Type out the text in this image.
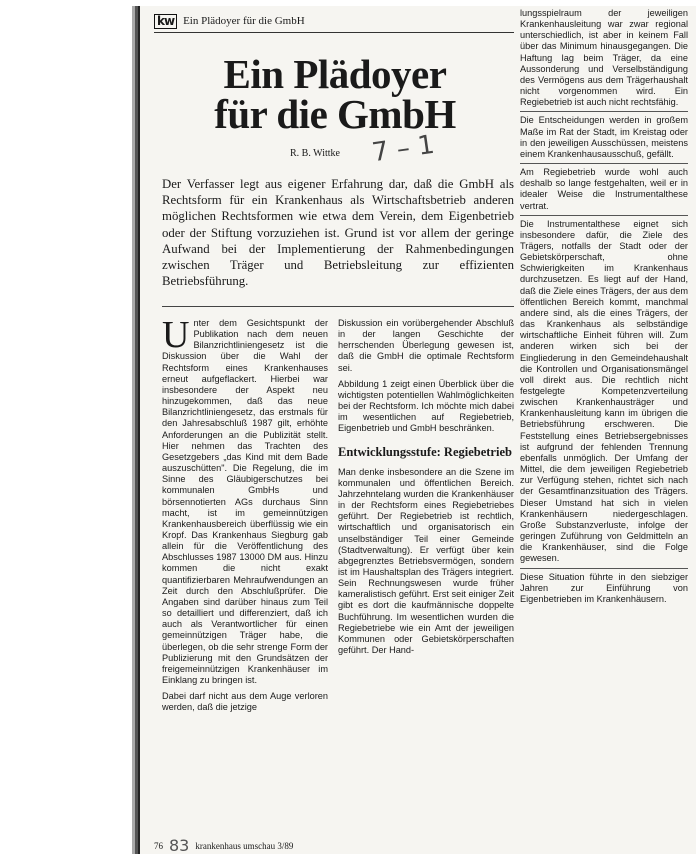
kw Ein Plädoyer für die GmbH
Ein Plädoyer
für die GmbH
R. B. Wittke 7 – 1
Der Verfasser legt aus eigener Erfahrung dar, daß die GmbH als Rechtsform für ein Krankenhaus als Wirtschaftsbetrieb anderen möglichen Rechtsformen wie etwa dem Verein, dem Eigenbetrieb oder der Stiftung vorzuziehen ist. Grund ist vor allem der geringe Aufwand bei der Implementierung der Rahmenbedingungen zwischen Träger und Betriebsleitung zur effizienten Betriebsführung.

Unter dem Gesichtspunkt der Publikation nach dem neuen Bilanzrichtliniengesetz ist die Diskussion über die Wahl der Rechtsform eines Krankenhauses erneut aufgeflackert. Hierbei war insbesondere der Aspekt neu hinzugekommen, daß das neue Bilanzrichtliniengesetz, das erstmals für den Jahresabschluß 1987 gilt, erhöhte Anforderungen an die Publizität stellt. Hier nehmen das Trachten des Gesetzgebers „das Kind mit dem Bade auszuschütten". Die Regelung, die im Sinne des Gläubigerschutzes bei kommunalen GmbHs und börsennotierten AGs durchaus Sinn macht, ist im gemeinnützigen Krankenhausbereich überflüssig wie ein Kropf. Das Krankenhaus Siegburg gab allein für die Veröffentlichung des Abschlusses 1987 13000 DM aus. Hinzu kommen die nicht exakt quantifizierbaren Mehraufwendungen an Zeit durch den Abschlußprüfer. Die Angaben sind darüber hinaus zum Teil so detailliert und differenziert, daß ich auch als Verantwortlicher für einen gemeinnützigen Träger habe, die überlegen, ob die sehr strenge Form der Publizierung mit den Grundsätzen der freigemeinnützigen Krankenhäuser im Einklang zu bringen ist.

Dabei darf nicht aus dem Auge verloren werden, daß die jetzige

Diskussion ein vorübergehender Abschluß in der langen Geschichte der herrschenden Überlegung gewesen ist, daß die GmbH die optimale Rechtsform sei.

Abbildung 1 zeigt einen Überblick über die wichtigsten potentiellen Wahlmöglichkeiten bei der Rechtsform. Ich möchte mich dabei im wesentlichen auf Regiebetrieb, Eigenbetrieb und GmbH beschränken.

Entwicklungsstufe: Regiebetrieb

Man denke insbesondere an die Szene im kommunalen und öffentlichen Bereich. Jahrzehntelang wurden die Krankenhäuser in der Rechtsform eines Regiebetriebes geführt. Der Regiebetrieb ist rechtlich, wirtschaftlich und organisatorisch ein unselbständiger Teil einer Gemeinde (Stadtverwaltung). Er verfügt über kein abgegrenztes Betriebsvermögen, sondern ist im Haushaltsplan des Trägers integriert. Sein Rechnungswesen wurde früher kameralistisch geführt. Erst seit einiger Zeit gibt es dort die kaufmännische doppelte Buchführung. Im wesentlichen wurden die Regiebetriebe wie ein Amt der jeweiligen Kommunen oder Gebietskörperschaften geführt. Der Hand-

lungsspielraum der jeweiligen Krankenhausleitung war zwar regional unterschiedlich, ist aber in keinem Fall über das Minimum hinausgegangen. Die Haftung lag beim Träger, da eine Aussonderung und Verselbständigung des Vermögens aus dem Trägerhaushalt nicht vorgenommen wird. Ein Regiebetrieb ist auch nicht rechtsfähig.

Die Entscheidungen werden in großem Maße im Rat der Stadt, im Kreistag oder in den jeweiligen Ausschüssen, meistens einem Krankenhausausschuß, gefällt.

Am Regiebetrieb wurde wohl auch deshalb so lange festgehalten, weil er in idealer Weise die Instrumentalthese vertrat.

Die Instrumentalthese eignet sich insbesondere dafür, die Ziele des Trägers, notfalls der Stadt oder der Gebietskörperschaft, ohne Schwierigkeiten im Krankenhaus durchzusetzen. Es liegt auf der Hand, daß die Ziele eines Trägers, der aus dem öffentlichen Bereich kommt, manchmal andere sind, als die eines Trägers, der das Krankenhaus als selbständige wirtschaftliche Einheit führen will. Zum anderen wirken sich bei der Eingliederung in den Gemeindehaushalt die Kontrollen und Organisationsmängel voll direkt aus. Die rechtlich nicht festgelegte Kompetenzverteilung zwischen Krankenhausträger und Krankenhausleitung kann im übrigen die Betriebsführung erschweren. Die Feststellung eines Betriebsergebnisses ist aufgrund der fehlenden Trennung ebenfalls unmöglich. Der Umfang der Mittel, die dem jeweiligen Regiebetrieb zur Verfügung stehen, richtet sich nach der Gesamtfinanzsituation des Trägers. Dieser Umstand hat sich in vielen Krankenhäusern niedergeschlagen. Große Substanzverluste, infolge der geringen Zuführung von Geldmitteln an die Krankenhäuser, sind die Folge gewesen.

Diese Situation führte in den siebziger Jahren zur Einführung von Eigenbetrieben im Krankenhäusern.

76 83 krankenhaus umschau 3/89
